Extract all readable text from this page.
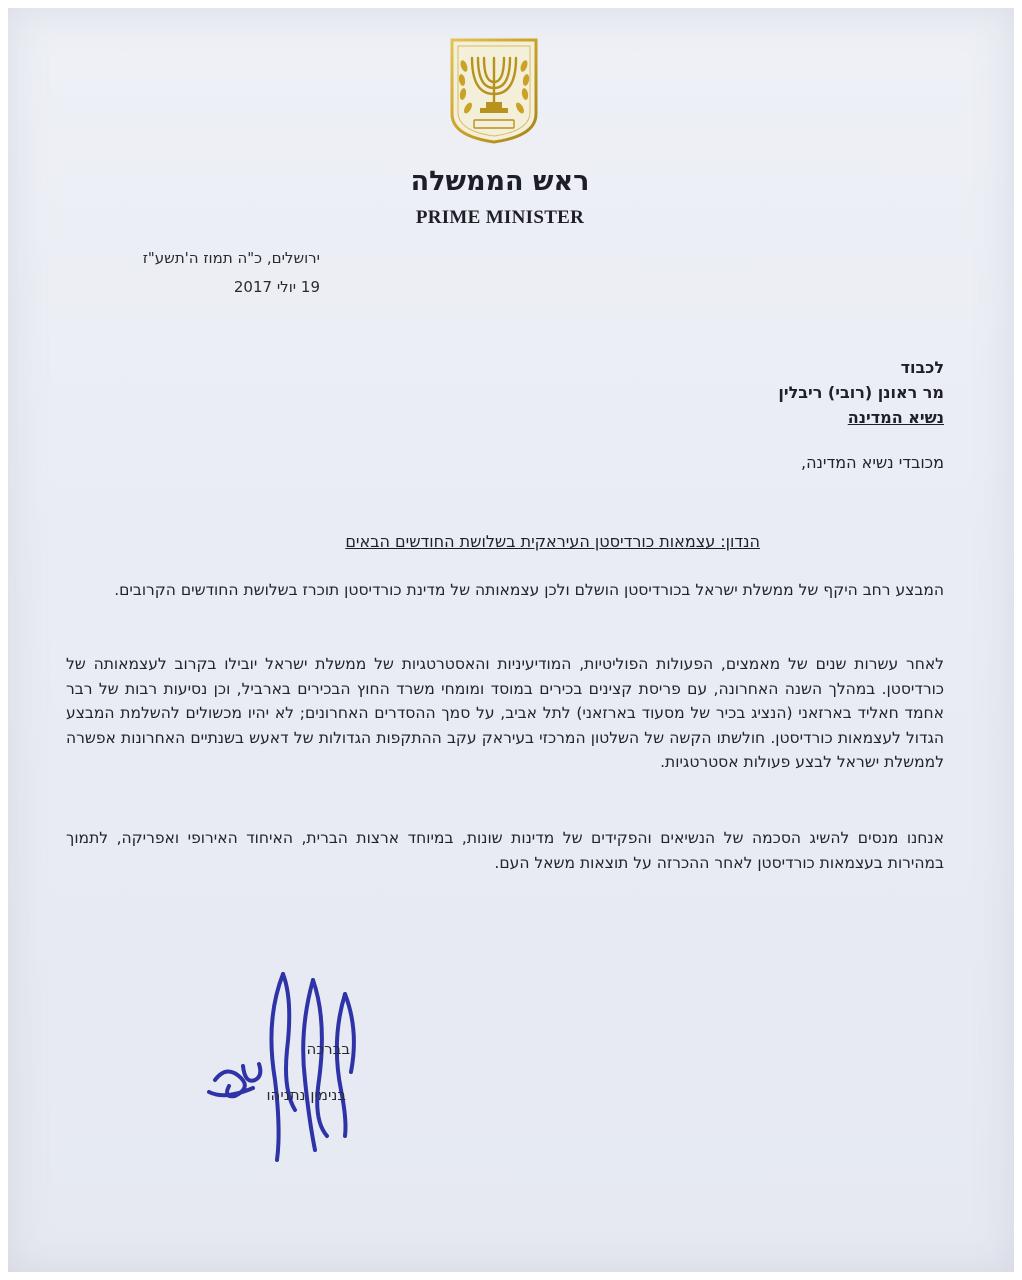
ראש הממשלה
PRIME MINISTER
ירושלים, כ"ה תמוז ה'תשע"ז
19 יולי 2017
לכבוד
מר ראונן (רובי) ריבלין
נשיא המדינה
מכובדי נשיא המדינה,
הנדון: עצמאות כורדיסטן העיראקית בשלושת החודשים הבאים
המבצע רחב היקף של ממשלת ישראל בכורדיסטן הושלם ולכן עצמאותה של מדינת כורדיסטן תוכרז בשלושת החודשים הקרובים.
לאחר עשרות שנים של מאמצים, הפעולות הפוליטיות, המודיעיניות והאסטרטגיות של ממשלת ישראל יובילו בקרוב לעצמאותה של כורדיסטן. במהלך השנה האחרונה, עם פריסת קצינים בכירים במוסד ומומחי משרד החוץ הבכירים בארביל, וכן נסיעות רבות של רבר אחמד חאליד בארזאני (הנציג בכיר של מסעוד בארזאני) לתל אביב, על סמך ההסדרים האחרונים; לא יהיו מכשולים להשלמת המבצע הגדול לעצמאות כורדיסטן. חולשתו הקשה של השלטון המרכזי בעיראק עקב ההתקפות הגדולות של דאעש בשנתיים האחרונות אפשרה לממשלת ישראל לבצע פעולות אסטרטגיות.
אנחנו מנסים להשיג הסכמה של הנשיאים והפקידים של מדינות שונות, במיוחד ארצות הברית, האיחוד האירופי ואפריקה, לתמוך במהירות בעצמאות כורדיסטן לאחר ההכרזה על תוצאות משאל העם.
בברכה
בנימין נתניהו
